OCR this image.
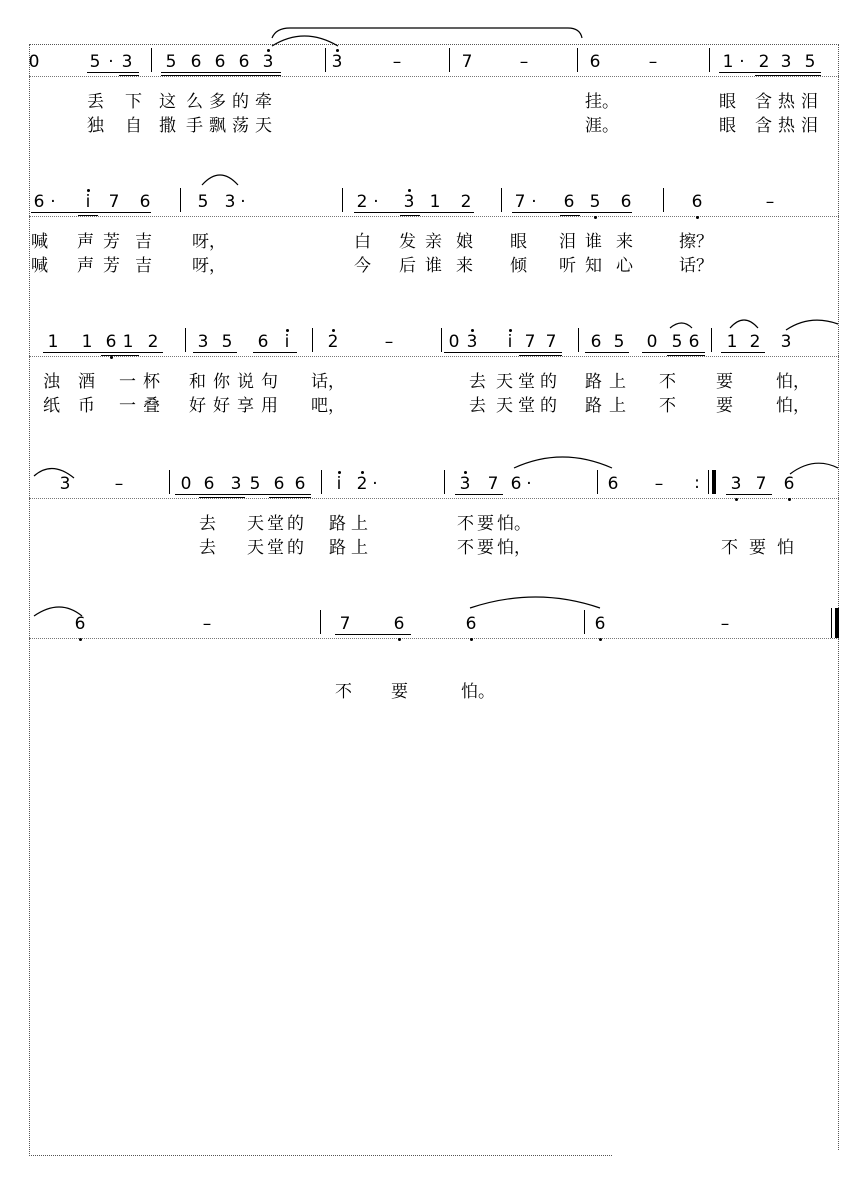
0	5 · 3	5 6 6 6 3	3	–	7	–	6	–	1 · 2 3 5
丢 下 这 么 多 的 牵	挂。	眼 含 热 泪
独 自 撒 手 飘 荡 天	涯。	眼 含 热 泪
6 ·	i	7	6	5 3 ·	2 ·	3 1	2	7 ·	6 5	6	6	–
喊 声 芳 吉 呀，	白 发 亲 娘 眼 泪 谁 来	擦？
喊 声 芳 吉 呀，	今 后 谁 来 倾 听 知 心	话？
1	1 6 1 2	3 5	6 i	2	–	0 3	i 7 7	6 5	0 5 6	1 2	3
浊 酒 一 杯 和 你 说 句 话，	去 天 堂 的 路 上 不 要	怕，
纸 币 一 叠 好 好 享 用 吧，	去 天 堂 的 路 上 不 要	怕，
3	–	0 6 3 5 6 6	i 2 ·	3	7 6 ·	6	–	:	3 7	6
去 天 堂 的 路 上	不 要 怕。
去 天 堂 的 路 上	不 要 怕，	不 要 怕
6	–	7	6	6	6	–
不 要	怕。
